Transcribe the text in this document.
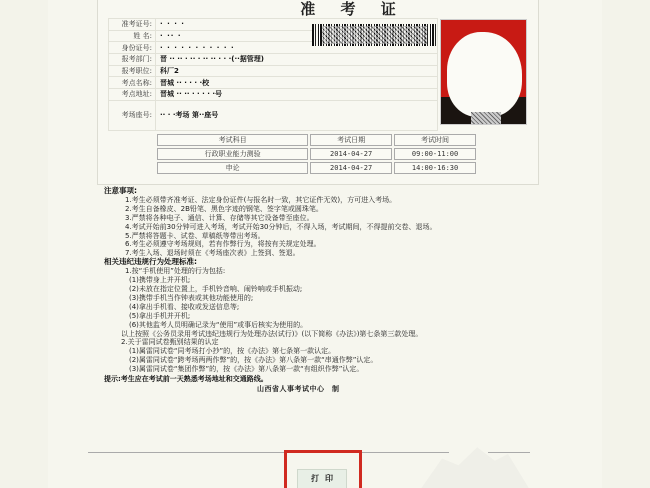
准 考 证
准考证号:	· · · ·
姓 名:	· ·· ·
身份证号:	· · · · · · · · · · ·
报考部门:	晋 ·· ·· · ·· · ·· ·· · · ·(··据管理)
报考职位:	科厂2
考点名称:	晋城 ·· · · · ·校
考点地址:	晋城 ·· ·· · · · · ·号
考场座号:	·· · ·考场 第··座号
考试科目	考试日期	考试时间
行政职业能力测验	2014-04-27	09:00-11:00
申论	2014-04-27	14:00-16:30
注意事项:
1.考生必须带齐准考证、法定身份证件(与报名时一致，其它证件无效)，方可进入考场。
2.考生自备橡皮、2B铅笔、黑色字迹的钢笔、签字笔或圆珠笔。
3.严禁将各种电子、通信、计算、存储等其它设备带至座位。
4.考试开始前30分钟可进入考场，考试开始30分钟后，不得入场，考试期间，不得提前交卷、退场。
5.严禁将答题卡、试卷、草稿纸等带出考场。
6.考生必须遵守考场规则，若有作弊行为，将按有关规定处理。
7.考生入场、退场时须在《考场座次表》上签到、签退。
相关违纪违规行为处理标准:
1.按“手机使用”处理的行为包括:
(1)携带身上并开机;
(2)未放在指定位置上，手机铃音响、闹铃响或手机振动;
(3)携带手机当作钟表或其他功能使用的;
(4)拿出手机看、接收或发送信息等;
(5)拿出手机并开机;
(6)其他监考人员明确记录为“使用”或事后核实为使用的。
以上按照《公务员录用考试违纪违规行为处理办法(试行)》(以下简称《办法》)第七条第三款处理。
2.关于雷同试卷甄别结果的认定
(1)属雷同试卷“同考场打小抄”的，按《办法》第七条第一款认定。
(2)属雷同试卷“跨考场两两作弊”的，按《办法》第八条第一款“串通作弊”认定。
(3)属雷同试卷“集团作弊”的，按《办法》第八条第一款“有组织作弊”认定。
提示:考生应在考试前一天熟悉考场地址和交通路线。
山西省人事考试中心　制
打印
